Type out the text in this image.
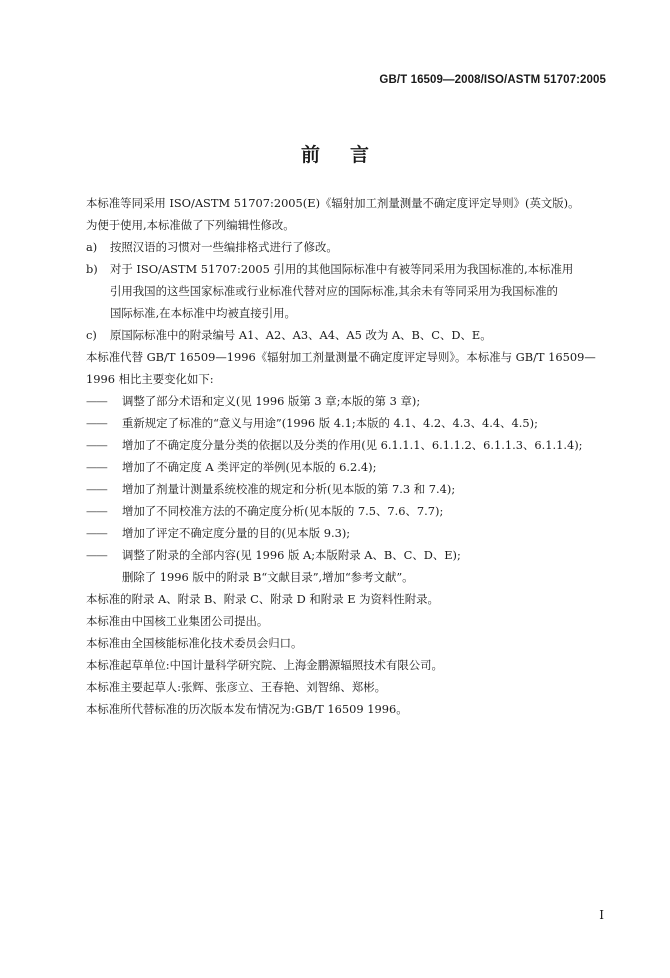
GB/T 16509—2008/ISO/ASTM 51707:2005
前言
本标准等同采用 ISO/ASTM 51707:2005(E)《辐射加工剂量测量不确定度评定导则》(英文版)。
为便于使用,本标准做了下列编辑性修改。
a)	按照汉语的习惯对一些编排格式进行了修改。
b)	对于 ISO/ASTM 51707:2005 引用的其他国际标准中有被等同采用为我国标准的,本标准用
引用我国的这些国家标准或行业标准代替对应的国际标准,其余未有等同采用为我国标准的
国际标准,在本标准中均被直接引用。
c)	原国际标准中的附录编号 A1、A2、A3、A4、A5 改为 A、B、C、D、E。
本标准代替 GB/T 16509—1996《辐射加工剂量测量不确定度评定导则》。本标准与 GB/T 16509—
1996 相比主要变化如下:
——	调整了部分术语和定义(见 1996 版第 3 章;本版的第 3 章);
——	重新规定了标准的“意义与用途”(1996 版 4.1;本版的 4.1、4.2、4.3、4.4、4.5);
——	增加了不确定度分量分类的依据以及分类的作用(见 6.1.1.1、6.1.1.2、6.1.1.3、6.1.1.4);
——	增加了不确定度 A 类评定的举例(见本版的 6.2.4);
——	增加了剂量计测量系统校准的规定和分析(见本版的第 7.3 和 7.4);
——	增加了不同校准方法的不确定度分析(见本版的 7.5、7.6、7.7);
——	增加了评定不确定度分量的目的(见本版 9.3);
——	调整了附录的全部内容(见 1996 版 A;本版附录 A、B、C、D、E);
删除了 1996 版中的附录 B“文献目录”,增加“参考文献”。
本标准的附录 A、附录 B、附录 C、附录 D 和附录 E 为资料性附录。
本标准由中国核工业集团公司提出。
本标准由全国核能标准化技术委员会归口。
本标准起草单位:中国计量科学研究院、上海金鹏源辐照技术有限公司。
本标准主要起草人:张辉、张彦立、王春艳、刘智绵、郑彬。
本标准所代替标准的历次版本发布情况为:GB/T 16509 1996。
I
